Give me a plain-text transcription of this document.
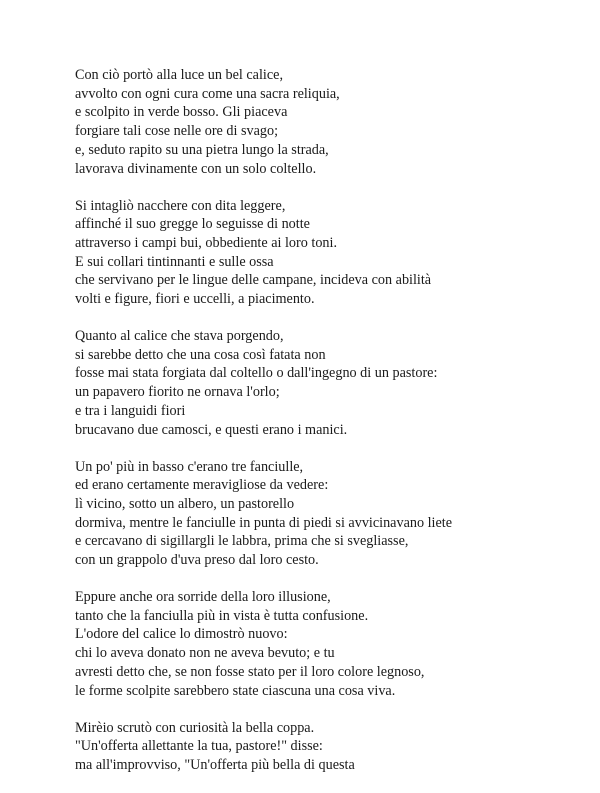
Con ciò portò alla luce un bel calice,
avvolto con ogni cura come una sacra reliquia,
e scolpito in verde bosso. Gli piaceva
forgiare tali cose nelle ore di svago;
e, seduto rapito su una pietra lungo la strada,
lavorava divinamente con un solo coltello.
Si intagliò nacchere con dita leggere,
affinché il suo gregge lo seguisse di notte
attraverso i campi bui, obbediente ai loro toni.
E sui collari tintinnanti e sulle ossa
che servivano per le lingue delle campane, incideva con abilità
volti e figure, fiori e uccelli, a piacimento.
Quanto al calice che stava porgendo,
si sarebbe detto che una cosa così fatata non
fosse mai stata forgiata dal coltello o dall'ingegno di un pastore:
un papavero fiorito ne ornava l'orlo;
e tra i languidi fiori
brucavano due camosci, e questi erano i manici.
Un po' più in basso c'erano tre fanciulle,
ed erano certamente meravigliose da vedere:
lì vicino, sotto un albero, un pastorello
dormiva, mentre le fanciulle in punta di piedi si avvicinavano liete
e cercavano di sigillargli le labbra, prima che si svegliasse,
con un grappolo d'uva preso dal loro cesto.
Eppure anche ora sorride della loro illusione,
tanto che la fanciulla più in vista è tutta confusione.
L'odore del calice lo dimostrò nuovo:
chi lo aveva donato non ne aveva bevuto; e tu
avresti detto che, se non fosse stato per il loro colore legnoso,
le forme scolpite sarebbero state ciascuna una cosa viva.
Mirèio scrutò con curiosità la bella coppa.
"Un'offerta allettante la tua, pastore!" disse:
ma all'improvviso, "Un'offerta più bella di questa
